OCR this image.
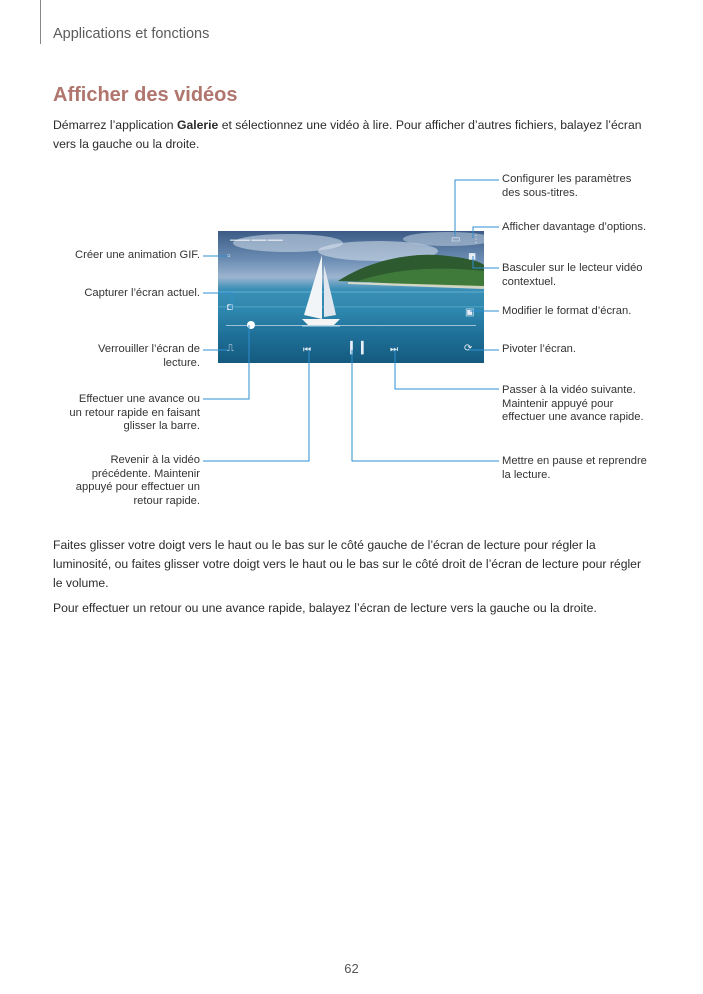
Applications et fonctions
Afficher des vidéos

Démarrez l’application Galerie et sélectionnez une vidéo à lire. Pour afficher d’autres fichiers, balayez l’écran vers la gauche ou la droite.

▬▬▬▬ ▬▬▬ ▬▬▬
▫
◘
⎍	⏮	❙❙ ⏭	⟳
▣
◼
⋮
▭
Créer une animation GIF.
Capturer l’écran actuel.
Verrouiller l’écran de lecture.
Effectuer une avance ou un retour rapide en faisant glisser la barre.
Revenir à la vidéo précédente. Maintenir appuyé pour effectuer un retour rapide.
Configurer les paramètres des sous-titres.
Afficher davantage d’options.
Basculer sur le lecteur vidéo contextuel.
Modifier le format d’écran.
Pivoter l’écran.
Passer à la vidéo suivante. Maintenir appuyé pour effectuer une avance rapide.
Mettre en pause et reprendre la lecture.

Faites glisser votre doigt vers le haut ou le bas sur le côté gauche de l’écran de lecture pour régler la luminosité, ou faites glisser votre doigt vers le haut ou le bas sur le côté droit de l’écran de lecture pour régler le volume.

Pour effectuer un retour ou une avance rapide, balayez l’écran de lecture vers la gauche ou la droite.

62
